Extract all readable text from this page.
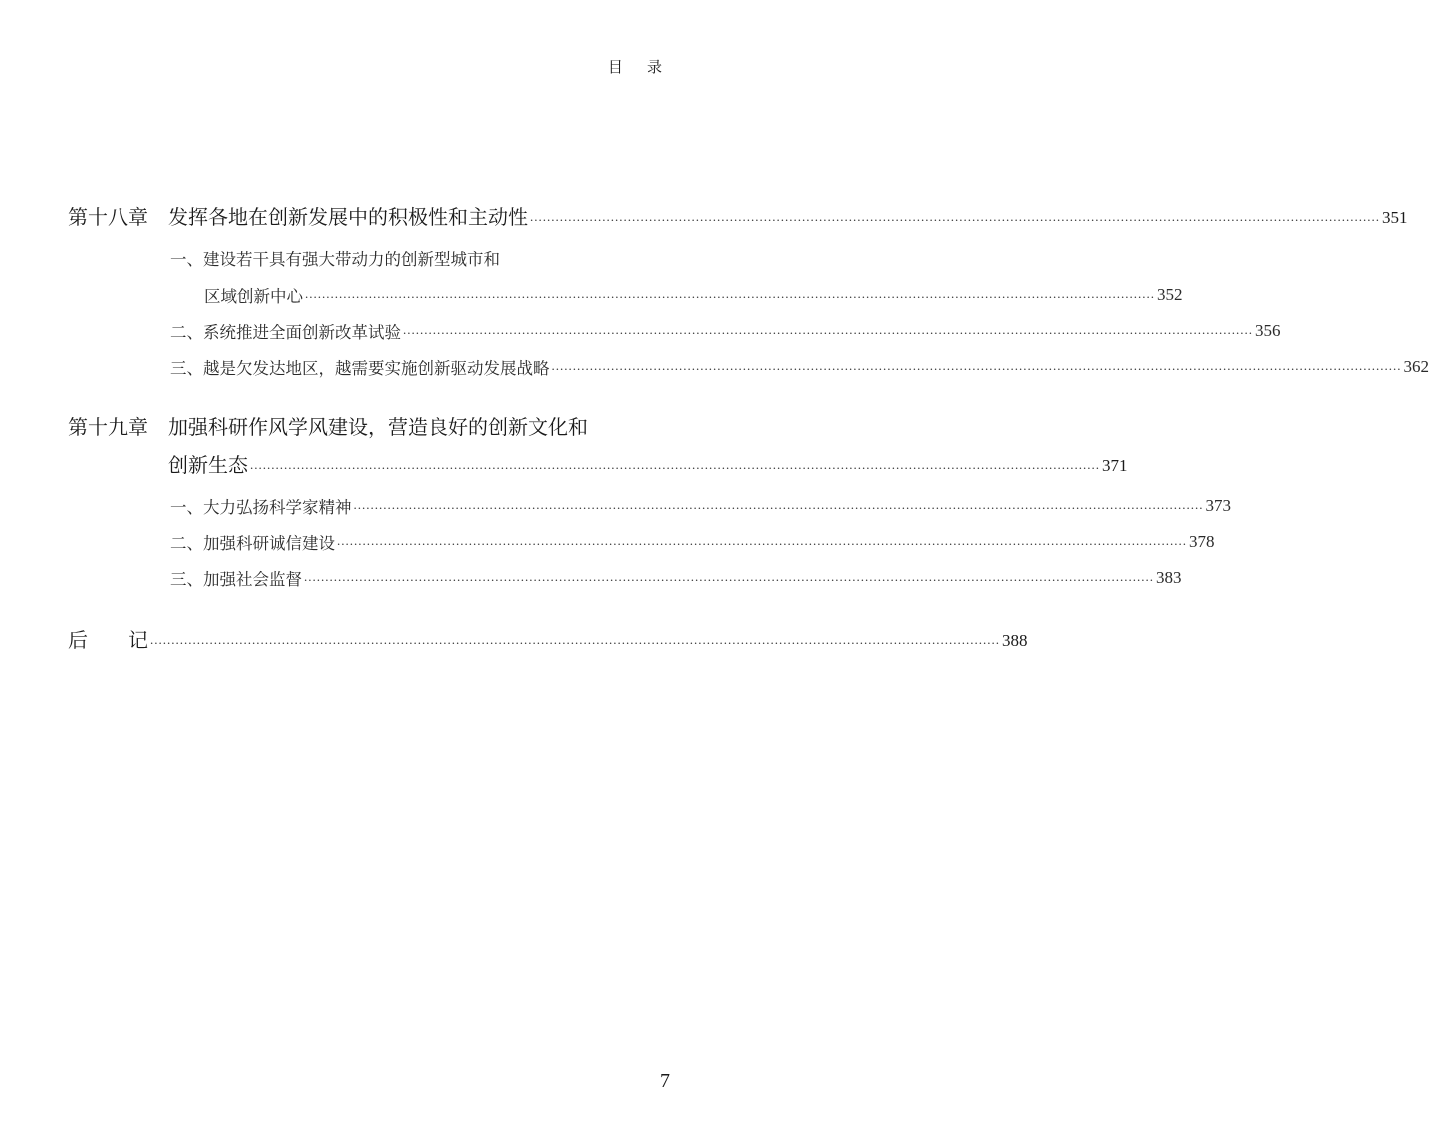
目 录
第十八章	发挥各地在创新发展中的积极性和主动性 .....	351
一、建设若干具有强大带动力的创新型城市和
区域创新中心 .....	352
二、系统推进全面创新改革试验 .....	356
三、越是欠发达地区，越需要实施创新驱动发展战略 .....	362
第十九章	加强科研作风学风建设，营造良好的创新文化和
创新生态 .....	371
一、大力弘扬科学家精神 .....	373
二、加强科研诚信建设 .....	378
三、加强社会监督 .....	383
后　　记 .....	388
7
